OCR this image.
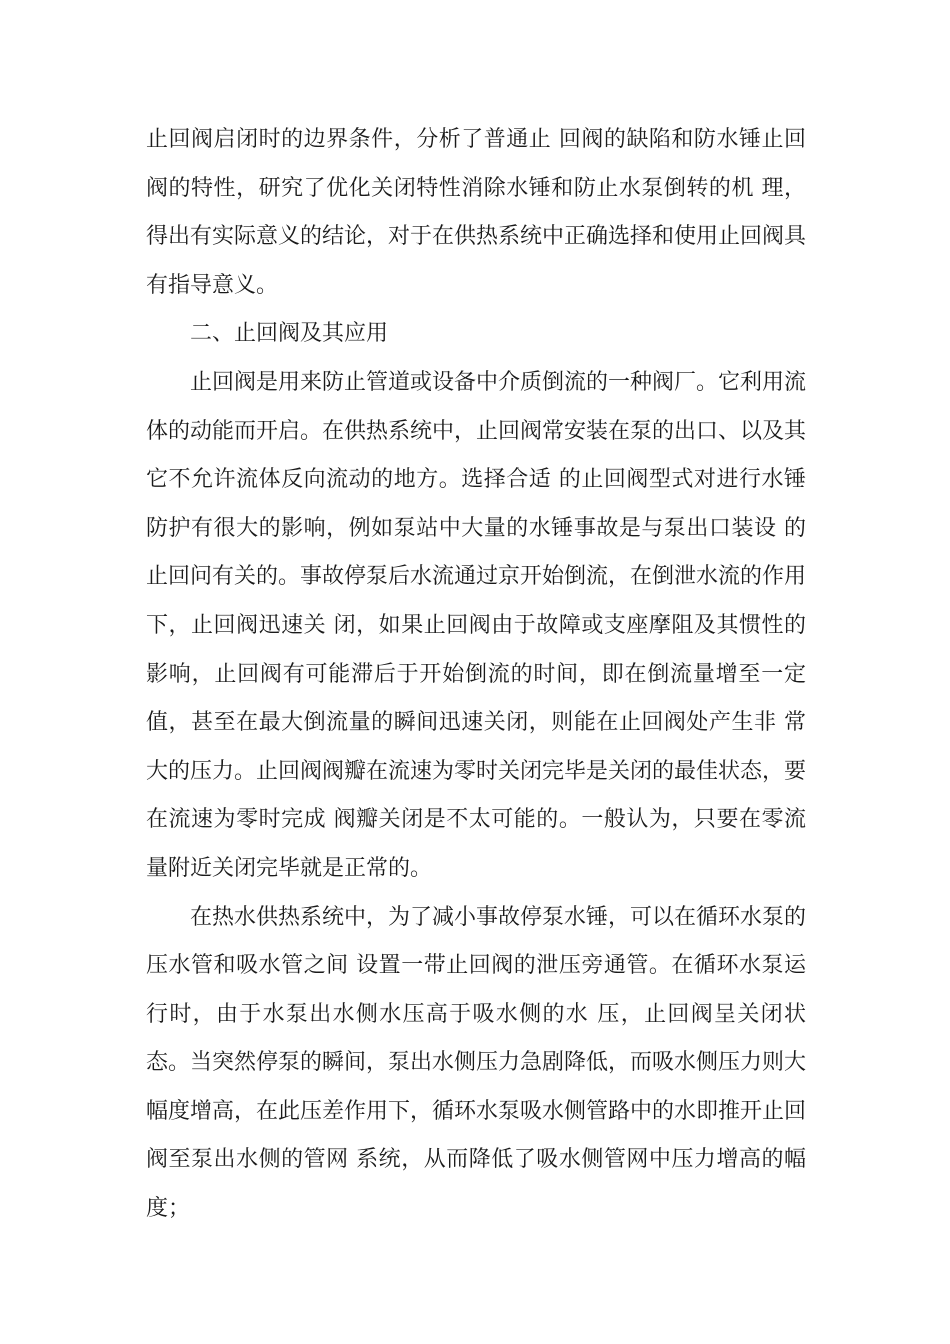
止回阀启闭时的边界条件，分析了普通止 回阀的缺陷和防水锤止回阀的特性，研究了优化关闭特性消除水锤和防止水泵倒转的机 理，得出有实际意义的结论，对于在供热系统中正确选择和使用止回阀具有指导意义。

二、止回阀及其应用

止回阀是用来防止管道或设备中介质倒流的一种阀厂。它利用流体的动能而开启。在供热系统中，止回阀常安装在泵的出口、以及其它不允许流体反向流动的地方。选择合适 的止回阀型式对进行水锤防护有很大的影响，例如泵站中大量的水锤事故是与泵出口装设 的止回问有关的。事故停泵后水流通过京开始倒流，在倒泄水流的作用下，止回阀迅速关 闭，如果止回阀由于故障或支座摩阻及其惯性的影响，止回阀有可能滞后于开始倒流的时间，即在倒流量增至一定值，甚至在最大倒流量的瞬间迅速关闭，则能在止回阀处产生非 常大的压力。止回阀阀瓣在流速为零时关闭完毕是关闭的最佳状态，要在流速为零时完成 阀瓣关闭是不太可能的。一般认为，只要在零流量附近关闭完毕就是正常的。

在热水供热系统中，为了减小事故停泵水锤，可以在循环水泵的压水管和吸水管之间 设置一带止回阀的泄压旁通管。在循环水泵运行时，由于水泵出水侧水压高于吸水侧的水 压，止回阀呈关闭状态。当突然停泵的瞬间，泵出水侧压力急剧降低，而吸水侧压力则大 幅度增高，在此压差作用下，循环水泵吸水侧管路中的水即推开止回阀至泵出水侧的管网 系统，从而降低了吸水侧管网中压力增高的幅度；
